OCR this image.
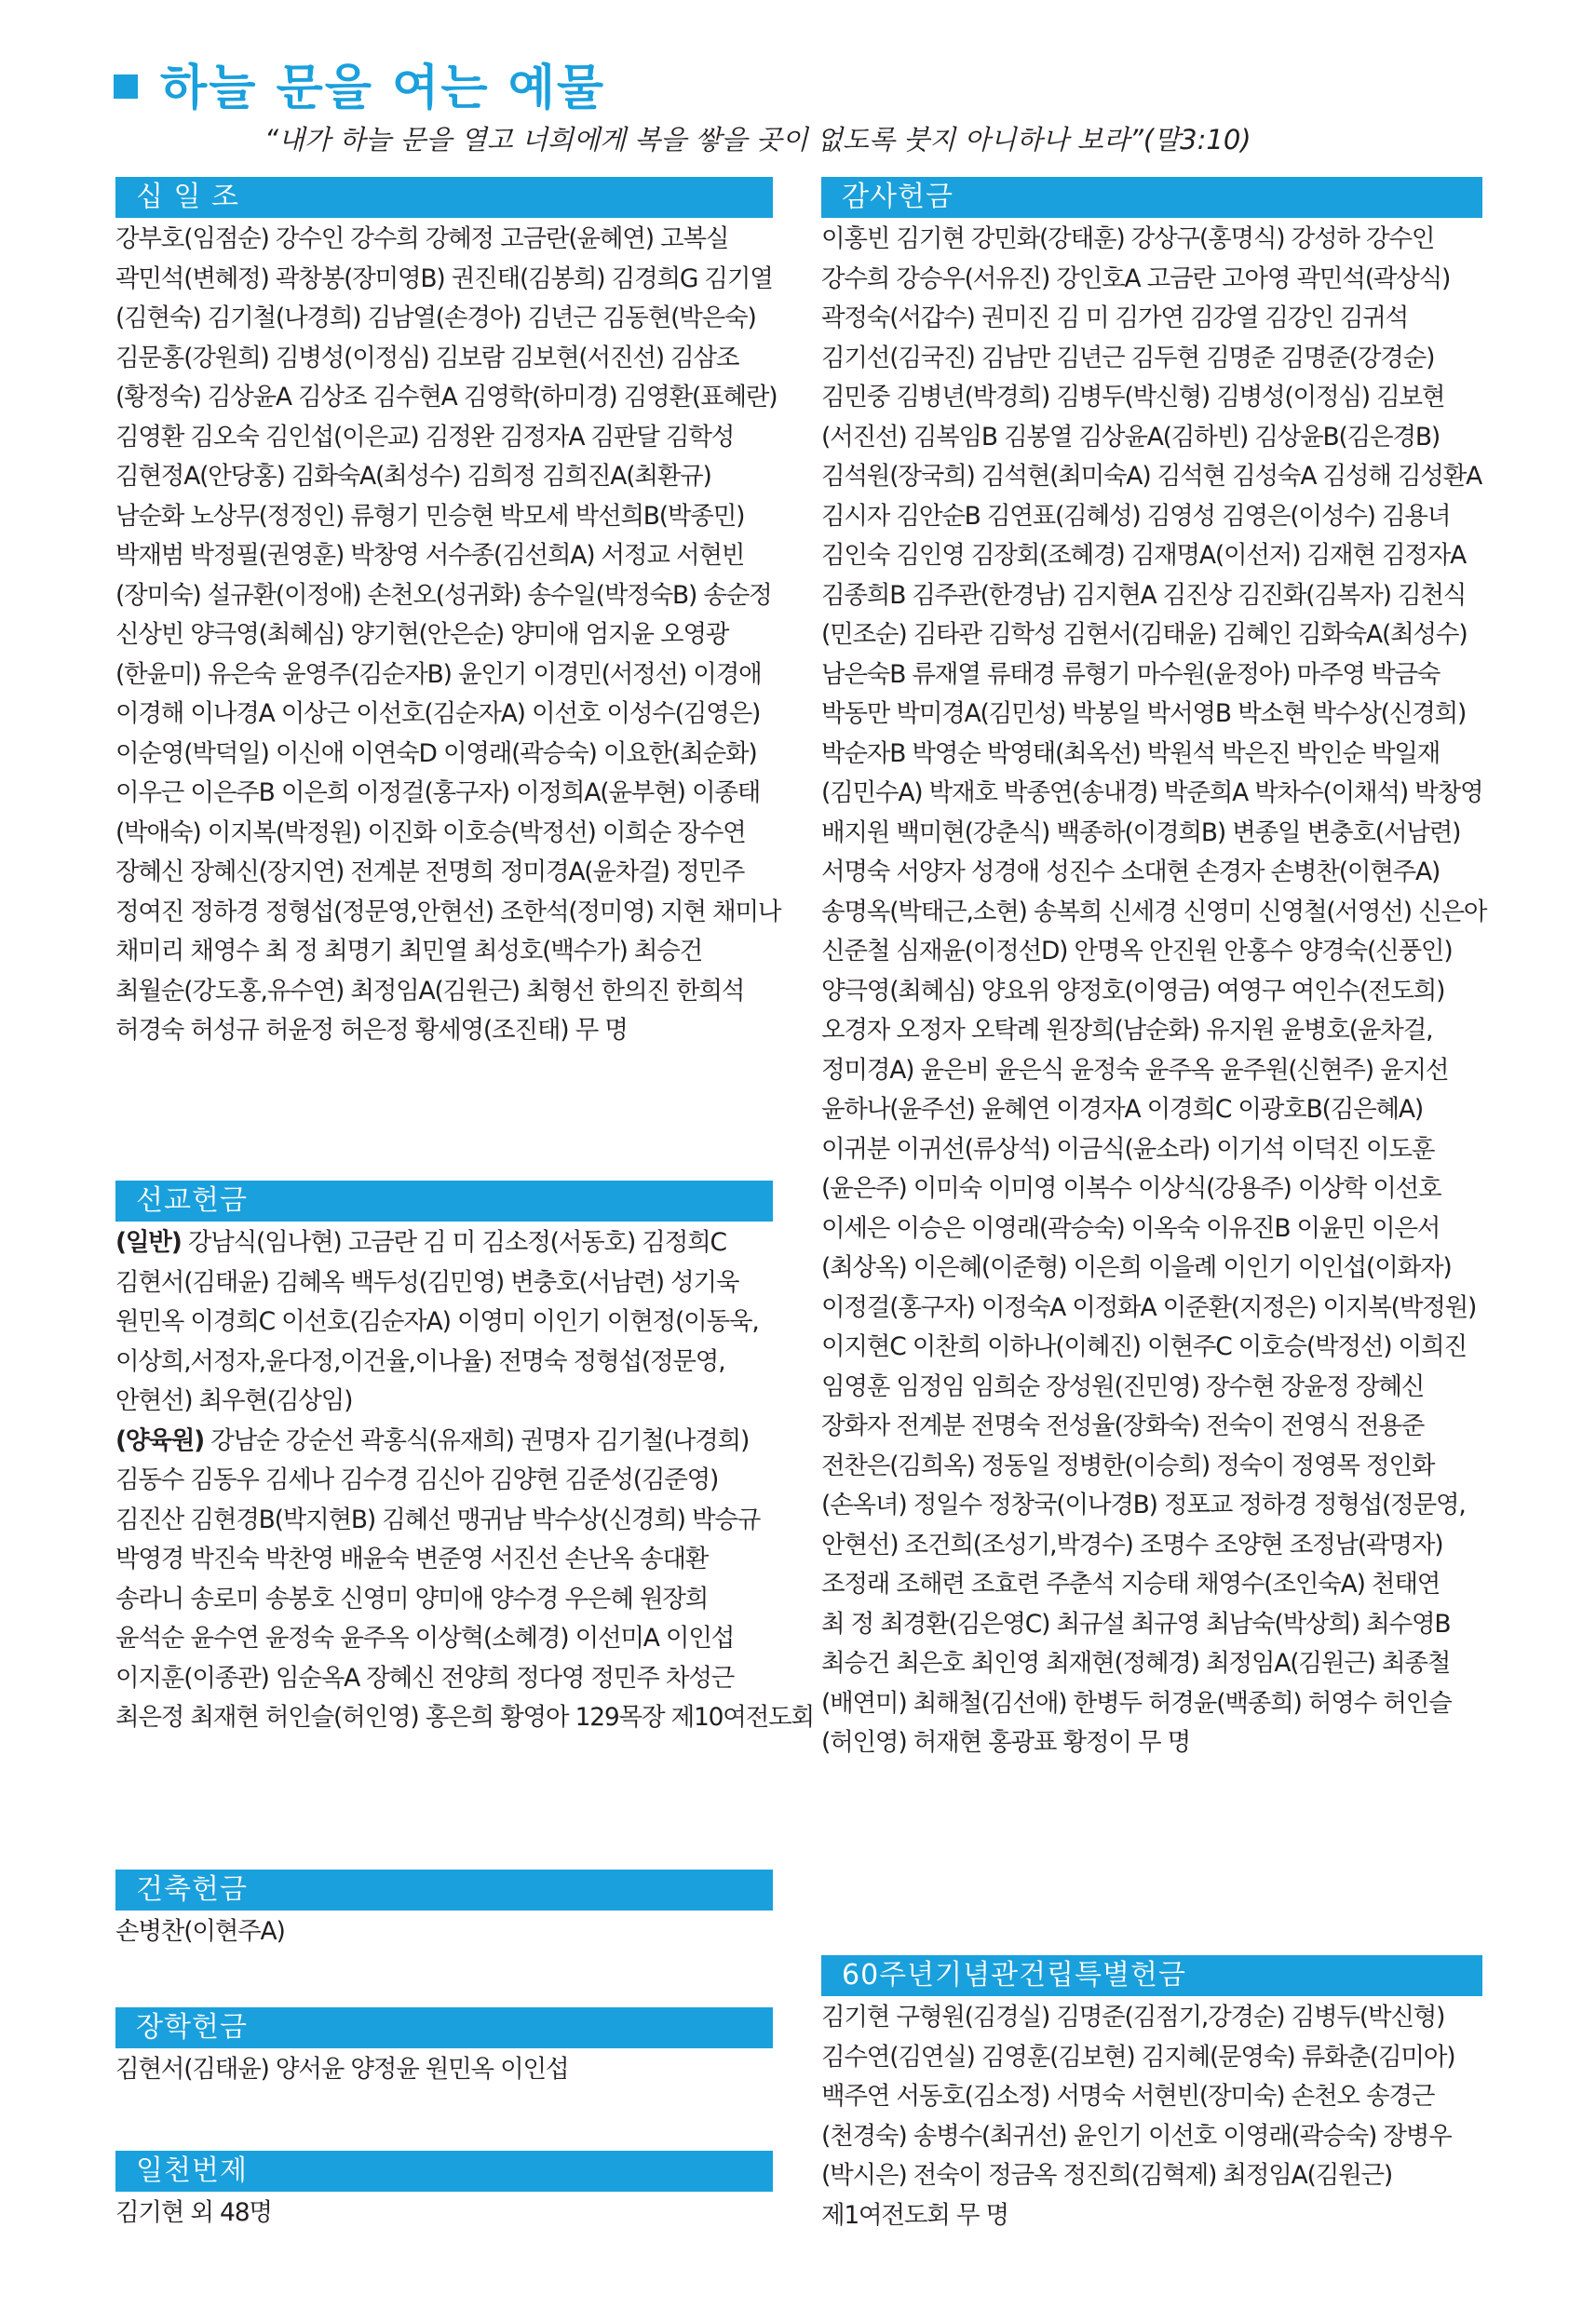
하늘 문을 여는 예물
“내가 하늘 문을 열고 너희에게 복을 쌓을 곳이 없도록 붓지 아니하나 보라”(말3:10)
십 일 조
강부호(임점순) 강수인 강수희 강혜정 고금란(윤혜연) 고복실
곽민석(변혜정) 곽창봉(장미영B) 권진태(김봉희) 김경희G 김기열
(김현숙) 김기철(나경희) 김남열(손경아) 김년근 김동현(박은숙)
김문홍(강원희) 김병성(이정심) 김보람 김보현(서진선) 김삼조
(황정숙) 김상윤A 김상조 김수현A 김영학(하미경) 김영환(표혜란)
김영환 김오숙 김인섭(이은교) 김정완 김정자A 김판달 김학성
김현정A(안당홍) 김화숙A(최성수) 김희정 김희진A(최환규)
남순화 노상무(정정인) 류형기 민승현 박모세 박선희B(박종민)
박재범 박정필(권영훈) 박창영 서수종(김선희A) 서정교 서현빈
(장미숙) 설규환(이정애) 손천오(성귀화) 송수일(박정숙B) 송순정
신상빈 양극영(최혜심) 양기현(안은순) 양미애 엄지윤 오영광
(한윤미) 유은숙 윤영주(김순자B) 윤인기 이경민(서정선) 이경애
이경해 이나경A 이상근 이선호(김순자A) 이선호 이성수(김영은)
이순영(박덕일) 이신애 이연숙D 이영래(곽승숙) 이요한(최순화)
이우근 이은주B 이은희 이정걸(홍구자) 이정희A(윤부현) 이종태
(박애숙) 이지복(박정원) 이진화 이호승(박정선) 이희순 장수연
장혜신 장혜신(장지연) 전계분 전명희 정미경A(윤차걸) 정민주
정여진 정하경 정형섭(정문영,안현선) 조한석(정미영) 지현 채미나
채미리 채영수 최 정 최명기 최민열 최성호(백수가) 최승건
최월순(강도홍,유수연) 최정임A(김원근) 최형선 한의진 한희석
허경숙 허성규 허윤정 허은정 황세영(조진태) 무 명
선교헌금
(일반) 강남식(임나현) 고금란 김 미 김소정(서동호) 김정희C
김현서(김태윤) 김혜옥 백두성(김민영) 변충호(서남련) 성기욱
원민옥 이경희C 이선호(김순자A) 이영미 이인기 이현정(이동욱,
이상희,서정자,윤다정,이건율,이나율) 전명숙 정형섭(정문영,
안현선) 최우현(김상임)
(양육원) 강남순 강순선 곽홍식(유재희) 권명자 김기철(나경희)
김동수 김동우 김세나 김수경 김신아 김양현 김준성(김준영)
김진산 김현경B(박지현B) 김혜선 맹귀남 박수상(신경희) 박승규
박영경 박진숙 박찬영 배윤숙 변준영 서진선 손난옥 송대환
송라니 송로미 송봉호 신영미 양미애 양수경 우은혜 원장희
윤석순 윤수연 윤정숙 윤주옥 이상혁(소혜경) 이선미A 이인섭
이지훈(이종관) 임순옥A 장혜신 전양희 정다영 정민주 차성근
최은정 최재현 허인슬(허인영) 홍은희 황영아 129목장 제10여전도회
건축헌금
손병찬(이현주A)
장학헌금
김현서(김태윤) 양서윤 양정윤 원민옥 이인섭
일천번제
김기현 외 48명
감사헌금
이홍빈 김기현 강민화(강태훈) 강상구(홍명식) 강성하 강수인
강수희 강승우(서유진) 강인호A 고금란 고아영 곽민석(곽상식)
곽정숙(서갑수) 권미진 김 미 김가연 김강열 김강인 김귀석
김기선(김국진) 김남만 김년근 김두현 김명준 김명준(강경순)
김민중 김병년(박경희) 김병두(박신형) 김병성(이정심) 김보현
(서진선) 김복임B 김봉열 김상윤A(김하빈) 김상윤B(김은경B)
김석원(장국희) 김석현(최미숙A) 김석현 김성숙A 김성해 김성환A
김시자 김안순B 김연표(김혜성) 김영성 김영은(이성수) 김용녀
김인숙 김인영 김장회(조혜경) 김재명A(이선저) 김재현 김정자A
김종희B 김주관(한경남) 김지현A 김진상 김진화(김복자) 김천식
(민조순) 김타관 김학성 김현서(김태윤) 김혜인 김화숙A(최성수)
남은숙B 류재열 류태경 류형기 마수원(윤정아) 마주영 박금숙
박동만 박미경A(김민성) 박봉일 박서영B 박소현 박수상(신경희)
박순자B 박영순 박영태(최옥선) 박원석 박은진 박인순 박일재
(김민수A) 박재호 박종연(송내경) 박준희A 박차수(이채석) 박창영
배지원 백미현(강춘식) 백종하(이경희B) 변종일 변충호(서남련)
서명숙 서양자 성경애 성진수 소대현 손경자 손병찬(이현주A)
송명옥(박태근,소현) 송복희 신세경 신영미 신영철(서영선) 신은아
신준철 심재윤(이정선D) 안명옥 안진원 안홍수 양경숙(신풍인)
양극영(최혜심) 양요위 양정호(이영금) 여영구 여인수(전도희)
오경자 오정자 오탁례 원장희(남순화) 유지원 윤병호(윤차걸,
정미경A) 윤은비 윤은식 윤정숙 윤주옥 윤주원(신현주) 윤지선
윤하나(윤주선) 윤혜연 이경자A 이경희C 이광호B(김은혜A)
이귀분 이귀선(류상석) 이금식(윤소라) 이기석 이덕진 이도훈
(윤은주) 이미숙 이미영 이복수 이상식(강용주) 이상학 이선호
이세은 이승은 이영래(곽승숙) 이옥숙 이유진B 이윤민 이은서
(최상옥) 이은혜(이준형) 이은희 이을례 이인기 이인섭(이화자)
이정걸(홍구자) 이정숙A 이정화A 이준환(지정은) 이지복(박정원)
이지현C 이찬희 이하나(이혜진) 이현주C 이호승(박정선) 이희진
임영훈 임정임 임희순 장성원(진민영) 장수현 장윤정 장혜신
장화자 전계분 전명숙 전성율(장화숙) 전숙이 전영식 전용준
전찬은(김희옥) 정동일 정병한(이승희) 정숙이 정영목 정인화
(손옥녀) 정일수 정창국(이나경B) 정포교 정하경 정형섭(정문영,
안현선) 조건희(조성기,박경수) 조명수 조양현 조정남(곽명자)
조정래 조해련 조효련 주춘석 지승태 채영수(조인숙A) 천태연
최 정 최경환(김은영C) 최규설 최규영 최남숙(박상희) 최수영B
최승건 최은호 최인영 최재현(정혜경) 최정임A(김원근) 최종철
(배연미) 최해철(김선애) 한병두 허경윤(백종희) 허영수 허인슬
(허인영) 허재현 홍광표 황정이 무 명
60주년기념관건립특별헌금
김기현 구형원(김경실) 김명준(김점기,강경순) 김병두(박신형)
김수연(김연실) 김영훈(김보현) 김지혜(문영숙) 류화춘(김미아)
백주연 서동호(김소정) 서명숙 서현빈(장미숙) 손천오 송경근
(천경숙) 송병수(최귀선) 윤인기 이선호 이영래(곽승숙) 장병우
(박시은) 전숙이 정금옥 정진희(김혁제) 최정임A(김원근)
제1여전도회 무 명
